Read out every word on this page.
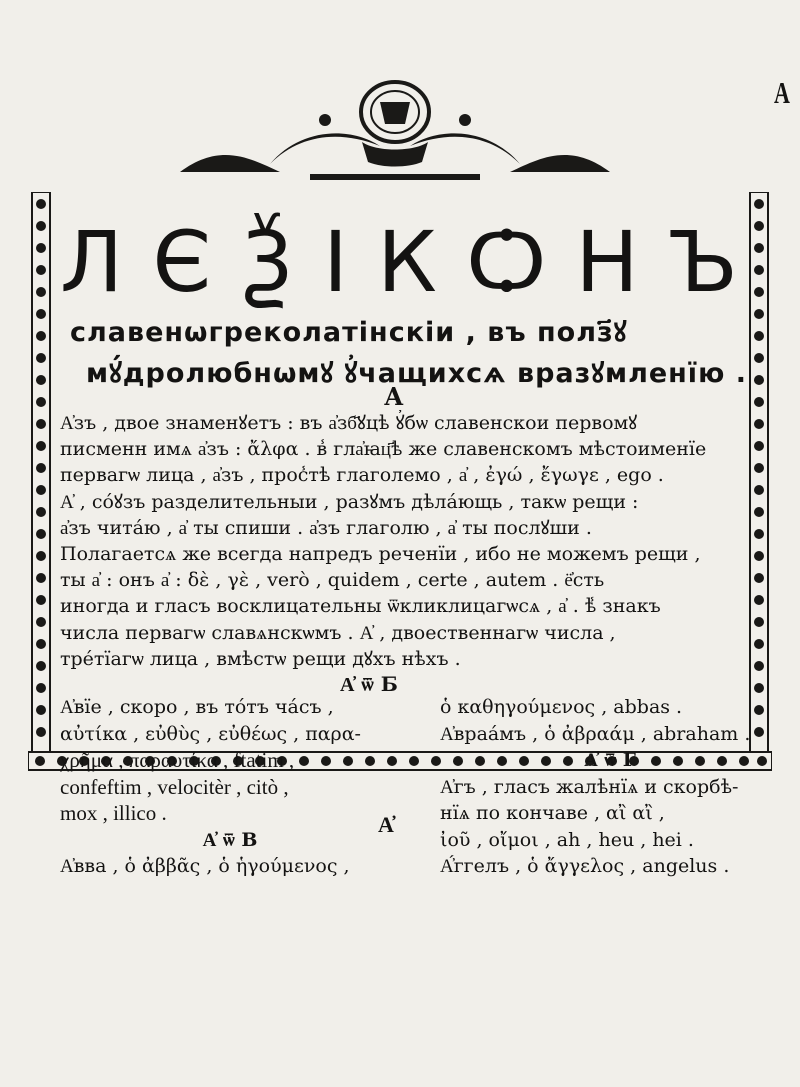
А
Л Є Ѯ І К Ѻ Н Ъ
славенѡгреколатінскіи , въ полз҃ꙋ
мꙋ́дролюбнѡмꙋ ꙋ҆чащихсѧ вразꙋмленїю .
А
А҆зъ , двое знаменꙋетъ : въ а҆зб҃ꙋцѣ ꙋ҆бѡ славенскои первомꙋ
писменн имѧ а҆зъ : ἄλφα . в̾ гла҆ꙗц҃ѣ же славенскомъ мѣстоименїе
первагѡ лица , а҆зъ , прос̾тѣ глаголемо , а҆ , ἐγώ , ἔγωγε , ego .
А҆ , со́ꙋзъ разделительныи , разꙋмъ дѣла́ющь , такѡ рещи :
а҆зъ чита́ю , а҆ ты спиши . а҆зъ глаголю , а҆ ты послꙋши .
Полагаетсѧ же всегда напредъ реченїи , ибо не можемъ рещи ,
ты а҆ : онъ а҆ : δὲ , γὲ , verò , quidem , certe , autem . ё҆сть
иногда и гласъ восклицательны ѿкликлицагѡсѧ , а҆ . ѣ̾ знакъ
числа первагѡ славѧнскѡмъ . А҆ , двоественнагѡ числа ,
тре́тїагѡ лица , вмѣстѡ рещи дꙋхъ нѣхъ .
А҆ ѿ Б
А҆вїе , скоро , въ то́тъ ча́съ ,
αὐτίκα , εὐθὺς , εὐθέως , παρα-
χρῆμα , παραυτίκα , ftatim ,
confeftim , velocitèr , citò ,
mox , illico .
А҆ ѿ В
А҆вва , ὁ ἀββᾶς , ὁ ἡγούμενος ,
ὁ καθηγούμενος , abbas .
А҆враа́мъ , ὁ ἀβραάμ , abraham .
А҆ ѿ Г
А҆гъ , гласъ жалѣнїѧ и скорбѣ-
нїѧ по кончаве , αἲ αἲ ,
ἰοῦ , οἴμοι , ah , heu , hei .
А҆́ггелъ , ὁ ἄγγελος , angelus .
А҆
